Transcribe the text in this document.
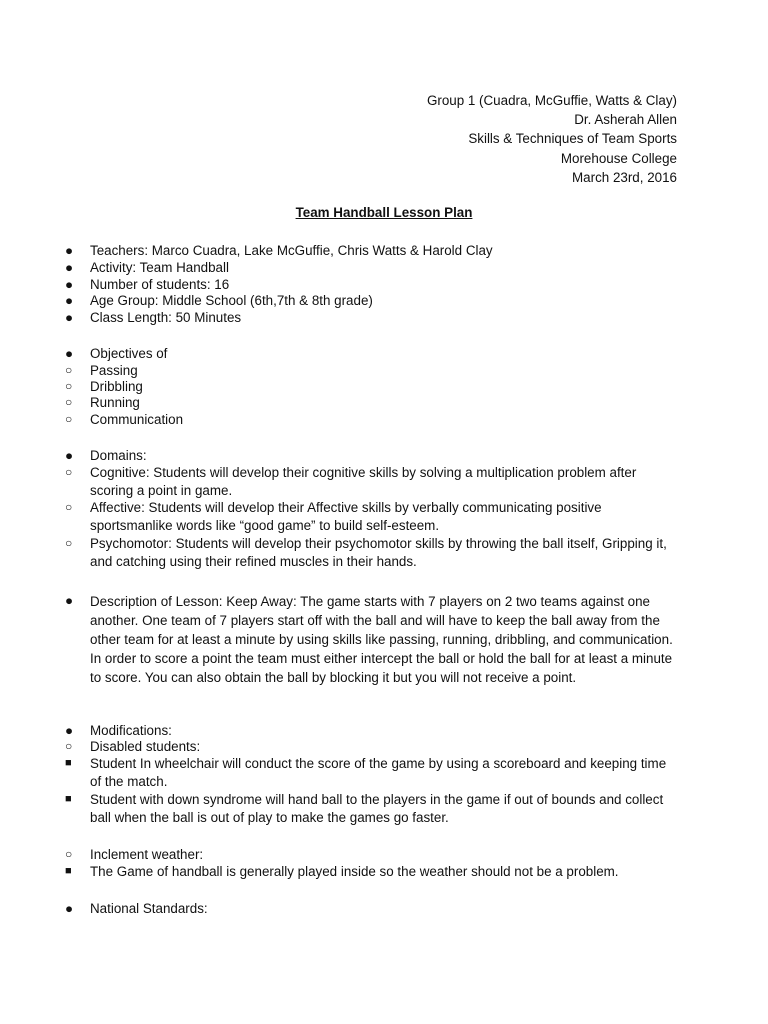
Group 1 (Cuadra, McGuffie, Watts & Clay)
Dr. Asherah Allen
Skills & Techniques of Team Sports
Morehouse College
March 23rd, 2016
Team Handball Lesson Plan
●	Teachers: Marco Cuadra, Lake McGuffie, Chris Watts & Harold Clay
●	Activity: Team Handball
●	Number of students: 16
●	Age Group: Middle School (6th,7th & 8th grade)
●	Class Length: 50 Minutes
●	Objectives of
○	Passing
○	Dribbling
○	Running
○	Communication
●	Domains:
○	Cognitive: Students will develop their cognitive skills by solving a multiplication problem after scoring a point in game.
○	Affective: Students will develop their Affective skills by verbally communicating positive sportsmanlike words like “good game” to build self-esteem.
○	Psychomotor: Students will develop their psychomotor skills by throwing the ball itself, Gripping it, and catching using their refined muscles in their hands.
●	Description of Lesson: Keep Away: The game starts with 7 players on 2 two teams against one another. One team of 7 players start off with the ball and will have to keep the ball away from the other team for at least a minute by using skills like passing, running, dribbling, and communication. In order to score a point the team must either intercept the ball or hold the ball for at least a minute to score. You can also obtain the ball by blocking it but you will not receive a point.
●	Modifications:
○	Disabled students:
■	Student In wheelchair will conduct the score of the game by using a scoreboard and keeping time of the match.
■	Student with down syndrome will hand ball to the players in the game if out of bounds and collect ball when the ball is out of play to make the games go faster.
○	Inclement weather:
■	The Game of handball is generally played inside so the weather should not be a problem.
●	National Standards:
